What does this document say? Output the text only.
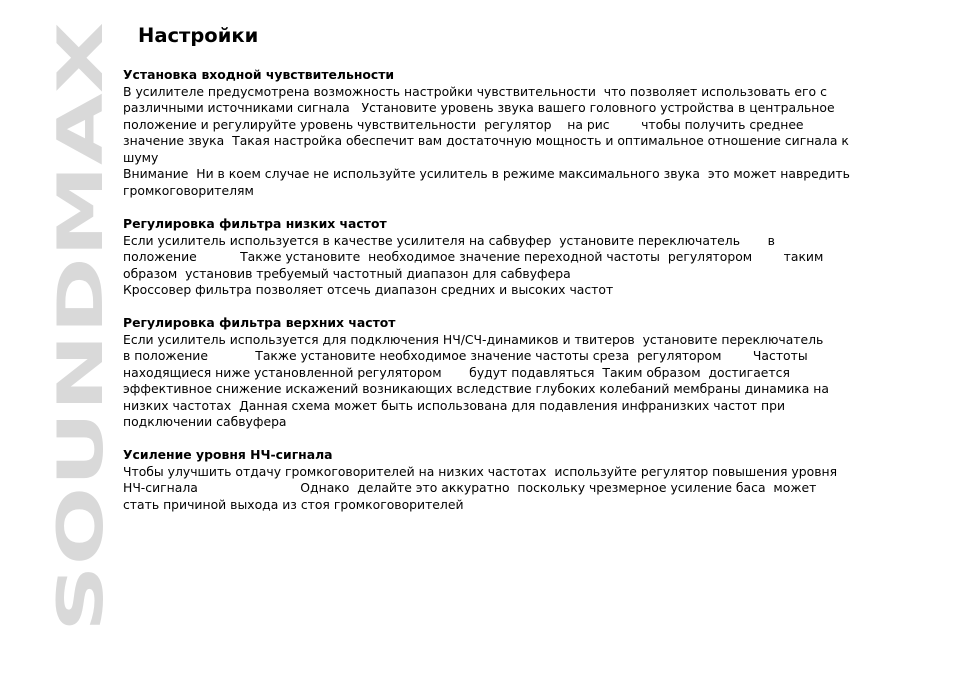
SOUNDMAX
Настройки
Установка входной чувствительности
В усилителе предусмотрена возможность настройки чувствительности  что позволяет использовать его с
различными источниками сигнала   Установите уровень звука вашего головного устройства в центральное
положение и регулируйте уровень чувствительности  регулятор    на рис        чтобы получить среднее
значение звука  Такая настройка обеспечит вам достаточную мощность и оптимальное отношение сигнала к
шуму
Внимание  Ни в коем случае не используйте усилитель в режиме максимального звука  это может навредить
громкоговорителям
Регулировка фильтра низких частот
Если усилитель используется в качестве усилителя на сабвуфер  установите переключатель       в
положение           Также установите  необходимое значение переходной частоты  регулятором        таким
образом  установив требуемый частотный диапазон для сабвуфера
Кроссовер фильтра позволяет отсечь диапазон средних и высоких частот
Регулировка фильтра верхних частот
Если усилитель используется для подключения НЧ/СЧ-динамиков и твитеров  установите переключатель
в положение            Также установите необходимое значение частоты среза  регулятором        Частоты
находящиеся ниже установленной регулятором       будут подавляться  Таким образом  достигается
эффективное снижение искажений возникающих вследствие глубоких колебаний мембраны динамика на
низких частотах  Данная схема может быть использована для подавления инфранизких частот при
подключении сабвуфера
Усиление уровня НЧ-сигнала
Чтобы улучшить отдачу громкоговорителей на низких частотах  используйте регулятор повышения уровня
НЧ-сигнала                          Однако  делайте это аккуратно  поскольку чрезмерное усиление баса  может
стать причиной выхода из стоя громкоговорителей
